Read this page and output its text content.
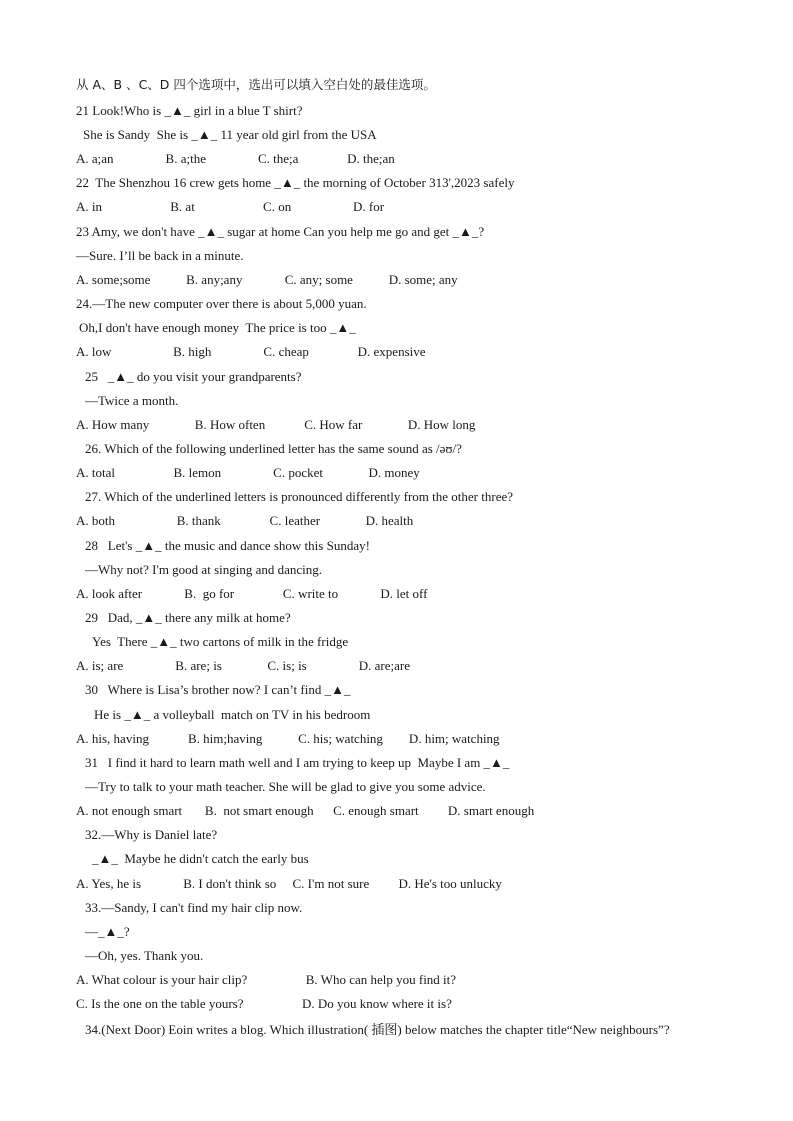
从 A、B 、C、D 四个选项中，选出可以填入空白处的最佳选项。
21 Look!Who is _▲_ girl in a blue T shirt?
She is Sandy  She is _▲_ 11 year old girl from the USA
A. a;an                B. a;the                C. the;a               D. the;an
22  The Shenzhou 16 crew gets home _▲_ the morning of October 313',2023 safely
A. in                     B. at                     C. on                   D. for
23 Amy, we don't have _▲_ sugar at home Can you help me go and get _▲_?
—Sure. I’ll be back in a minute.
A. some;some           B. any;any             C. any; some           D. some; any
24.—The new computer over there is about 5,000 yuan.
Oh,I don't have enough money  The price is too _▲_
A. low                   B. high                C. cheap               D. expensive
25   _▲_ do you visit your grandparents?
—Twice a month.
A. How many              B. How often            C. How far              D. How long
26. Which of the following underlined letter has the same sound as /əʊ/?
A. total                  B. lemon                C. pocket              D. money
27. Which of the underlined letters is pronounced differently from the other three?
A. both                   B. thank               C. leather              D. health
28   Let's _▲_ the music and dance show this Sunday!
—Why not? I'm good at singing and dancing.
A. look after             B.  go for               C. write to             D. let off
29   Dad, _▲_ there any milk at home?
Yes  There _▲_ two cartons of milk in the fridge
A. is; are                B. are; is              C. is; is                D. are;are
30   Where is Lisa’s brother now? I can’t find _▲_
He is _▲_ a volleyball  match on TV in his bedroom
A. his, having            B. him;having           C. his; watching        D. him; watching
31   I find it hard to learn math well and I am trying to keep up  Maybe I am _▲_
—Try to talk to your math teacher. She will be glad to give you some advice.
A. not enough smart       B.  not smart enough      C. enough smart         D. smart enough
32.—Why is Daniel late?
_▲_  Maybe he didn't catch the early bus
A. Yes, he is             B. I don't think so     C. I'm not sure         D. He's too unlucky
33.—Sandy, I can't find my hair clip now.
—_▲_?
—Oh, yes. Thank you.
A. What colour is your hair clip?                  B. Who can help you find it?
C. Is the one on the table yours?                  D. Do you know where it is?
34.(Next Door) Eoin writes a blog. Which illustration( 插图) below matches the chapter title“New neighbours”?
